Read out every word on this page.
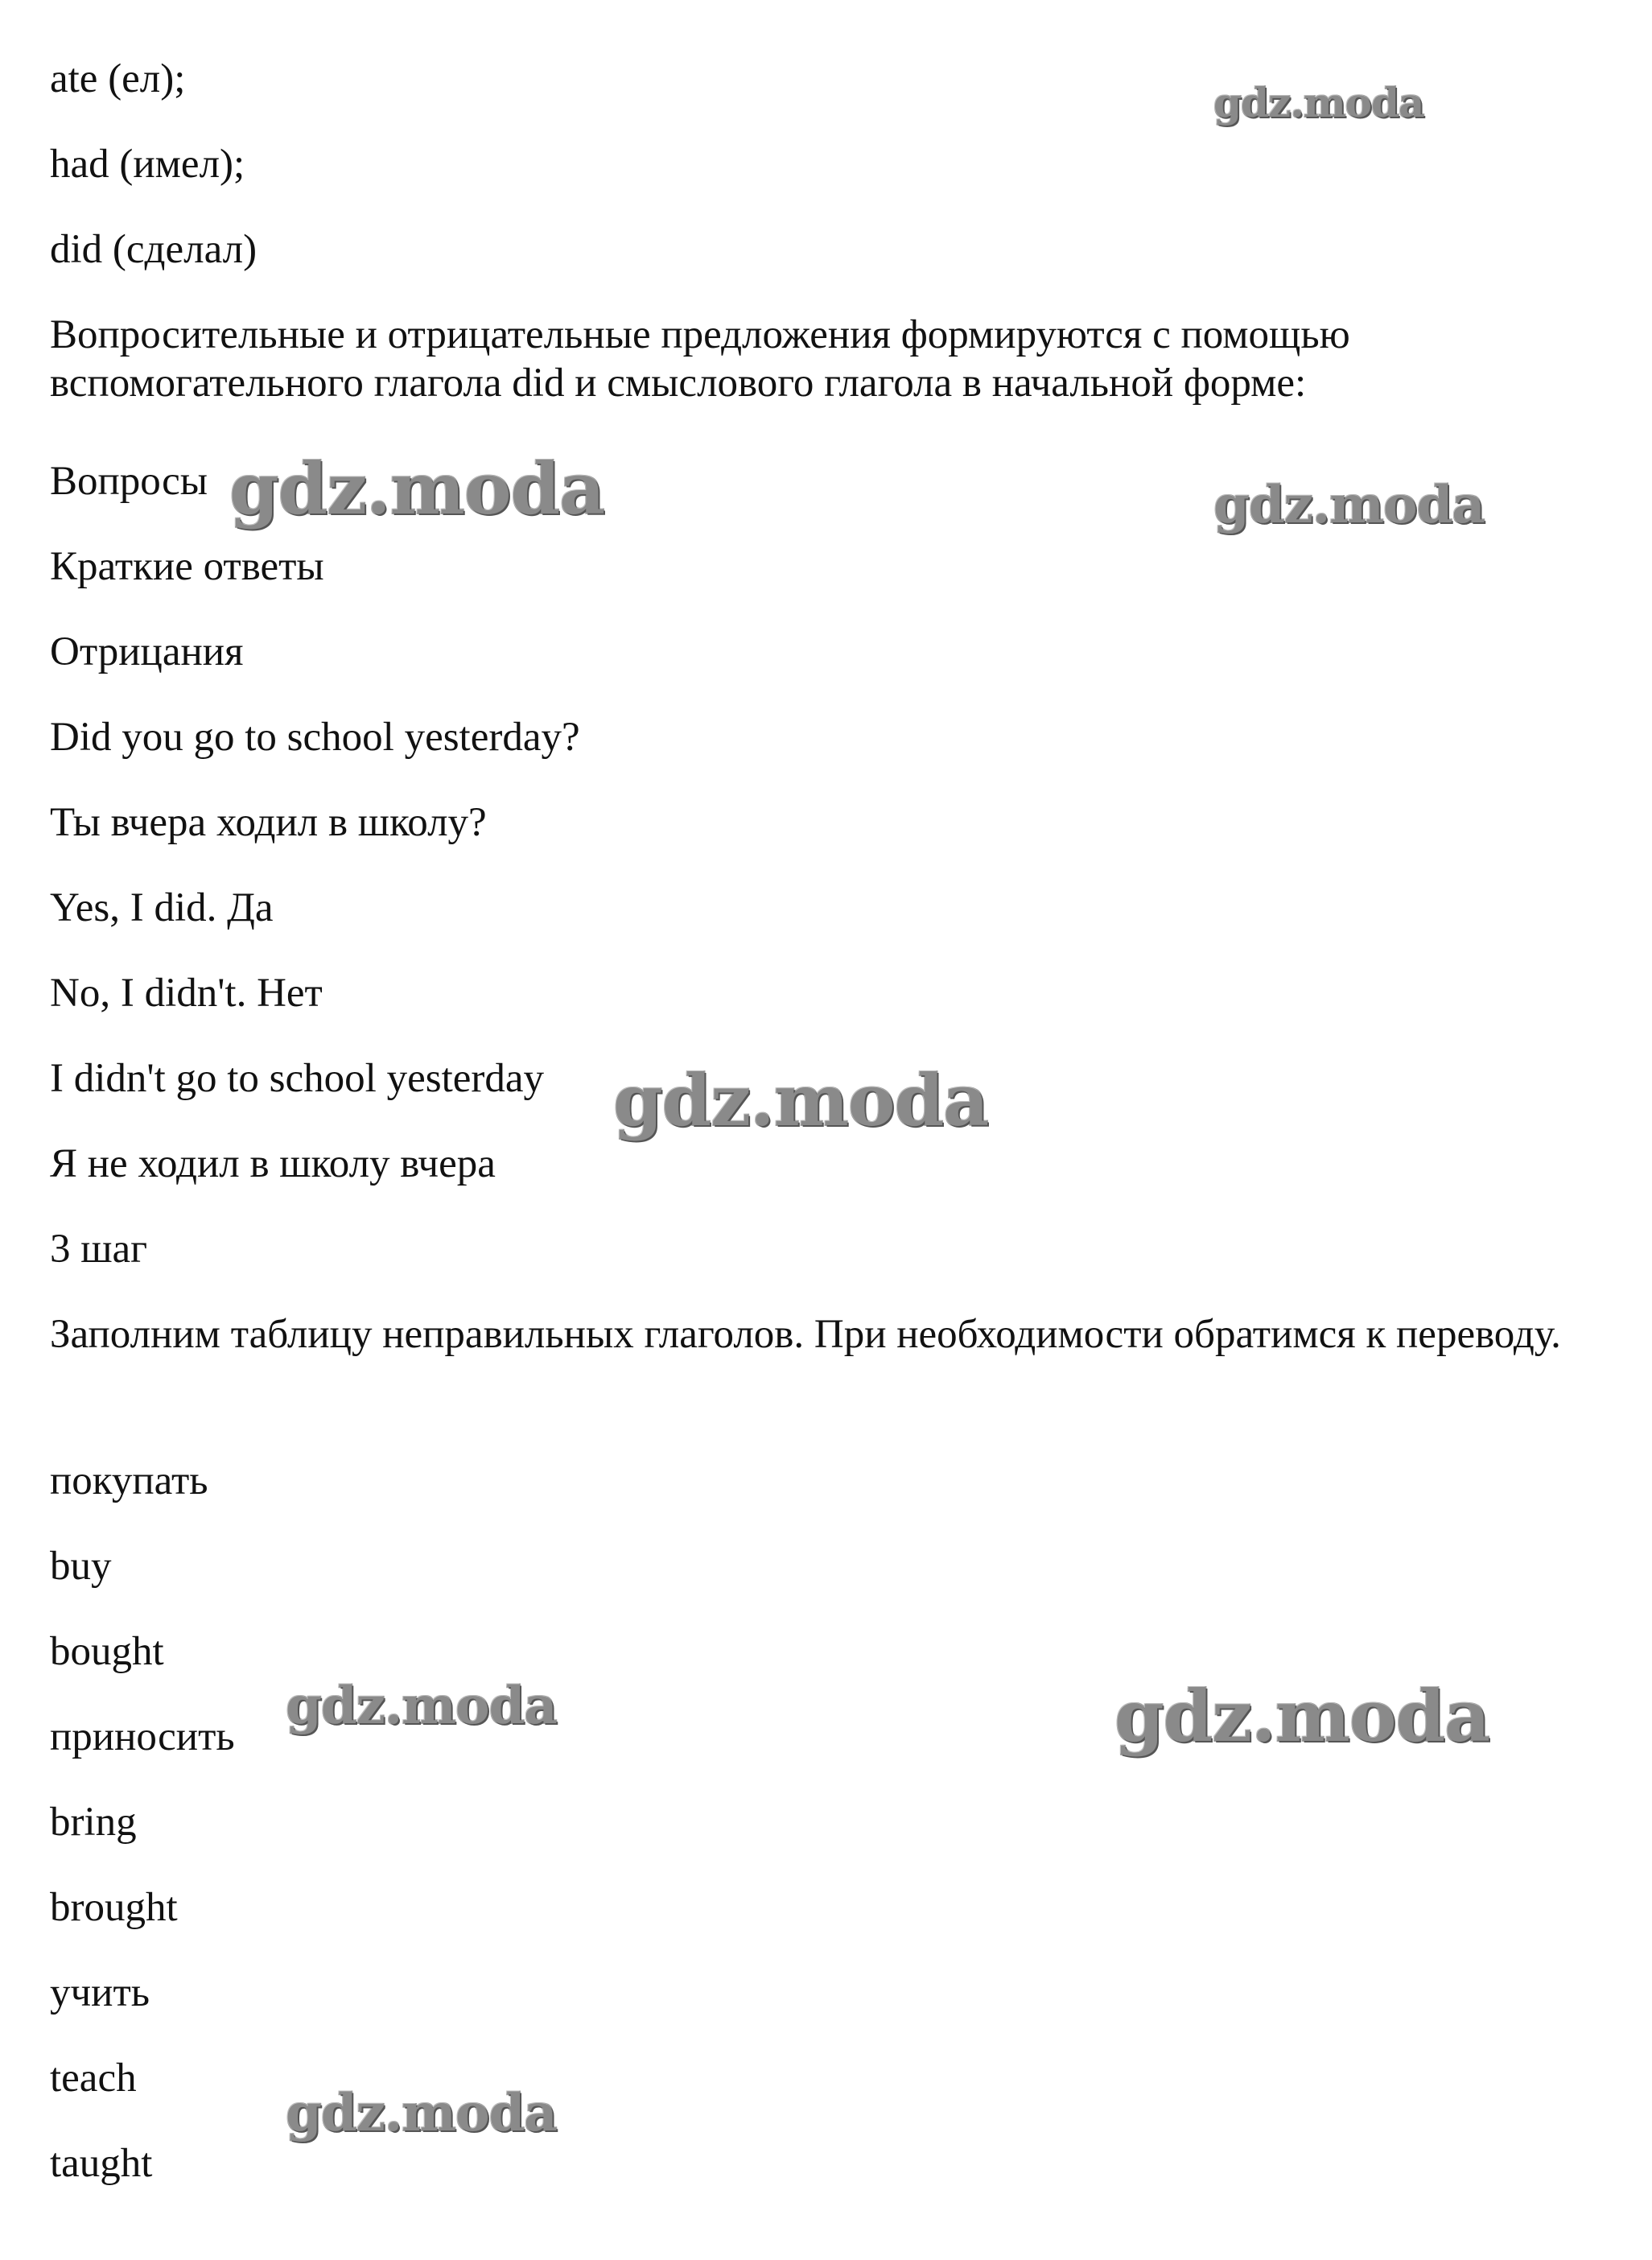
ate (ел);
had (имел);
did (сделал)
Вопросительные и отрицательные предложения формируются с помощью вспомогательного глагола did и смыслового глагола в начальной форме:
Вопросы
Краткие ответы
Отрицания
Did you go to school yesterday?
Ты вчера ходил в школу?
Yes, I did. Да
No, I didn't. Нет
I didn't go to school yesterday
Я не ходил в школу вчера
3 шаг
Заполним таблицу неправильных глаголов. При необходимости обратимся к переводу.
покупать
buy
bought
приносить
bring
brought
учить
teach
taught
gdz.moda
gdz.moda	gdz.moda
gdz.moda
gdz.moda	gdz.moda
gdz.moda
